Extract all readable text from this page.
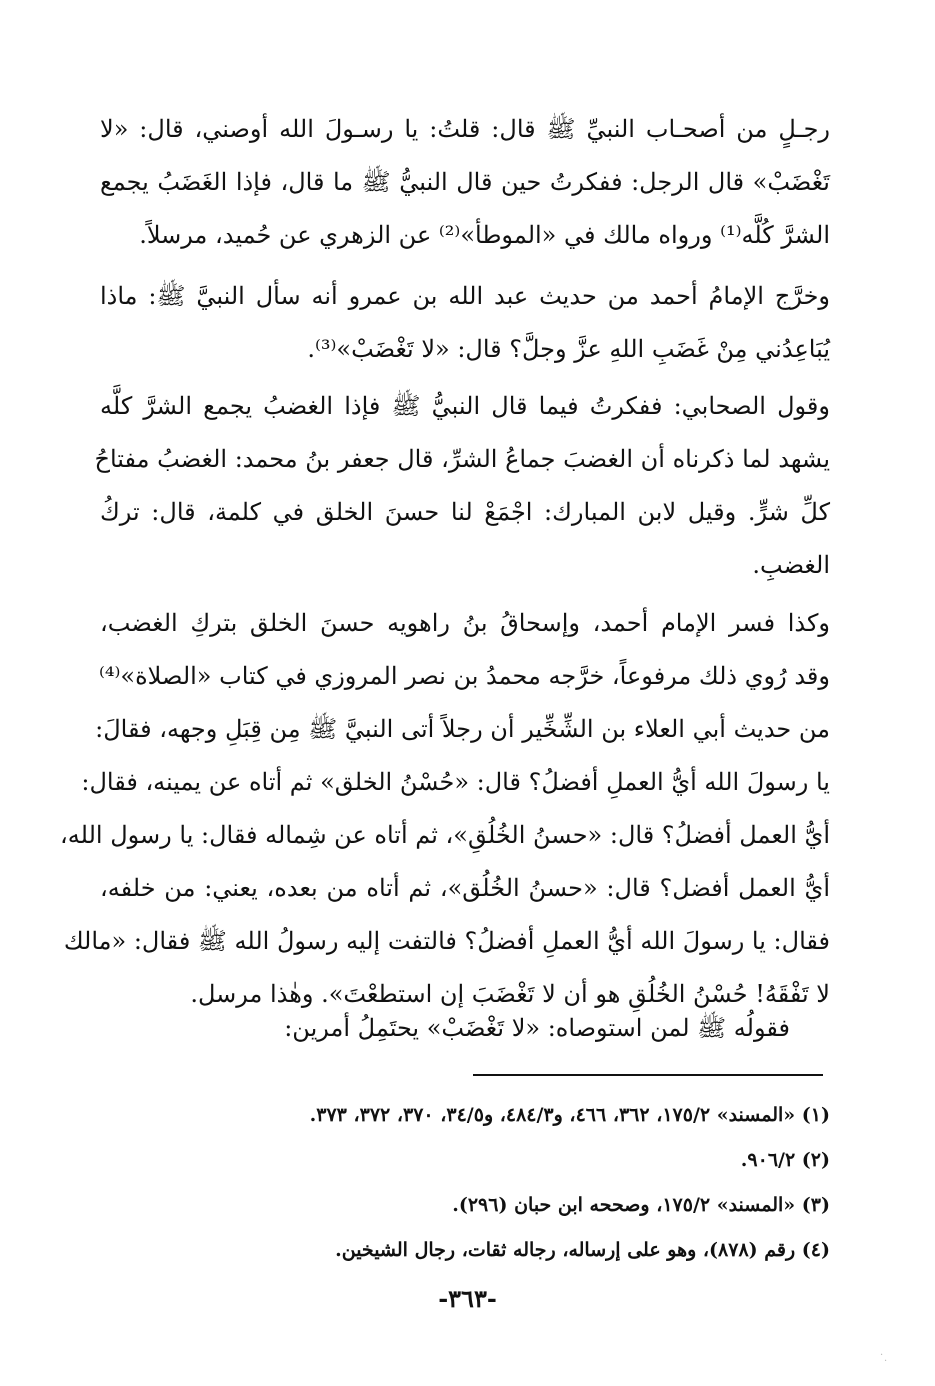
رجـلٍ من أصحـاب النبيِّ ﷺ قال: قلتُ: يا رسـولَ الله أوصني، قال: «لا
تَغْضَبْ» قال الرجل: ففكرتُ حين قال النبيُّ ﷺ ما قال، فإذا الغَضَبُ يجمع
الشرَّ كُلَّه⁽¹⁾ ورواه مالك في «الموطأ»⁽²⁾ عن الزهري عن حُميد، مرسلاً.
وخرَّج الإمامُ أحمد من حديث عبد الله بن عمرو أنه سأل النبيَّ ﷺ: ماذا
يُبَاعِدُني مِنْ غَضَبِ اللهِ عزَّ وجلَّ؟ قال: «لا تَغْضَبْ»⁽³⁾.
وقول الصحابي: ففكرتُ فيما قال النبيُّ ﷺ فإذا الغضبُ يجمع الشرَّ كلَّه
يشهد لما ذكرناه أن الغضبَ جماعُ الشرِّ، قال جعفر بنُ محمد: الغضبُ مفتاحُ
كلِّ شرٍّ. وقيل لابن المبارك: اجْمَعْ لنا حسنَ الخلق في كلمة، قال: تركُ
الغضبِ.
وكذا فسر الإمام أحمد، وإسحاقُ بنُ راهويه حسنَ الخلق بتركِ الغضب،
وقد رُوي ذلك مرفوعاً، خرَّجه محمدُ بن نصر المروزي في كتاب «الصلاة»⁽⁴⁾
من حديث أبي العلاء بن الشِّخِّير أن رجلاً أتى النبيَّ ﷺ مِن قِبَلِ وجهه، فقالَ:
يا رسولَ الله أيُّ العملِ أفضلُ؟ قال: «حُسْنُ الخلق» ثم أتاه عن يمينه، فقال:
أيُّ العمل أفضلُ؟ قال: «حسنُ الخُلُقِ»، ثم أتاه عن شِماله فقال: يا رسول الله،
أيُّ العمل أفضل؟ قال: «حسنُ الخُلُق»، ثم أتاه من بعده، يعني: من خلفه،
فقال: يا رسولَ الله أيُّ العملِ أفضلُ؟ فالتفت إليه رسولُ الله ﷺ فقال: «مالك
لا تَفْقَهُ! حُسْنُ الخُلُقِ هو أن لا تَغْضَبَ إن استطعْتَ». وهٰذا مرسل.
فقولُه ﷺ لمن استوصاه: «لا تَغْضَبْ» يحتَمِلُ أمرين:
(١) «المسند» ١٧٥/٢، ٣٦٢، ٤٦٦، و٤٨٤/٣، و٣٤/٥، ٣٧٠، ٣٧٢، ٣٧٣.
(٢) ٩٠٦/٢.
(٣) «المسند» ١٧٥/٢، وصححه ابن حبان (٢٩٦).
(٤) رقم (٨٧٨)، وهو على إرساله، رجاله ثقات، رجال الشيخين.
-٣٦٣-
·
·
